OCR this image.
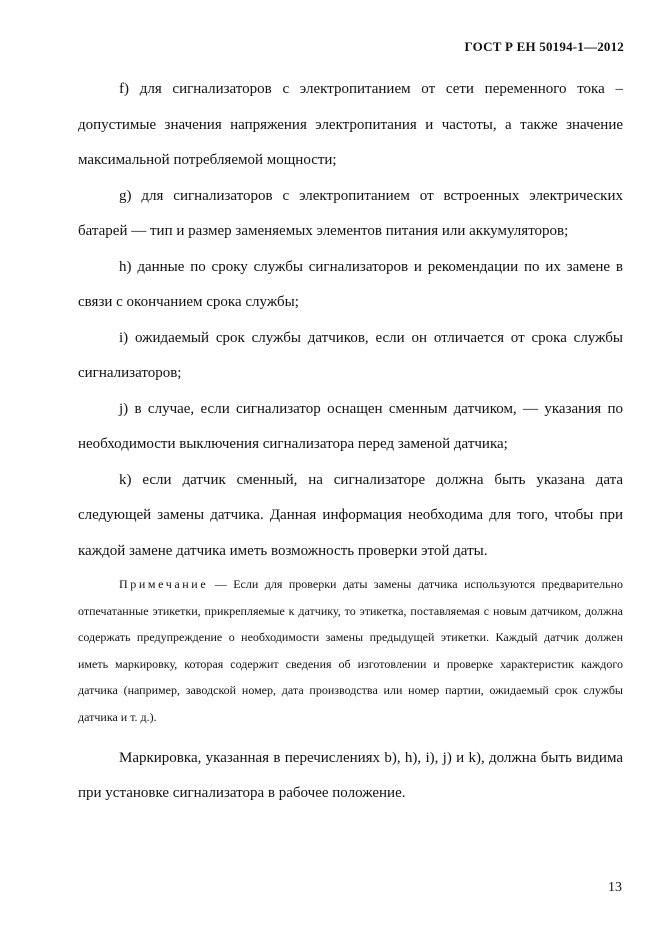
ГОСТ Р ЕН 50194-1—2012

f) для сигнализаторов с электропитанием от сети переменного тока – допустимые значения напряжения электропитания и частоты, а также значение максимальной потребляемой мощности;

g) для сигнализаторов с электропитанием от встроенных электрических батарей — тип и размер заменяемых элементов питания или аккумуляторов;

h) данные по сроку службы сигнализаторов и рекомендации по их замене в связи с окончанием срока службы;

i) ожидаемый срок службы датчиков, если он отличается от срока службы сигнализаторов;

j) в случае, если сигнализатор оснащен сменным датчиком, — указания по необходимости выключения сигнализатора перед заменой датчика;

k) если датчик сменный, на сигнализаторе должна быть указана дата следующей замены датчика. Данная информация необходима для того, чтобы при каждой замене датчика иметь возможность проверки этой даты.

Примечание — Если для проверки даты замены датчика используются предварительно отпечатанные этикетки, прикрепляемые к датчику, то этикетка, поставляемая с новым датчиком, должна содержать предупреждение о необходимости замены предыдущей этикетки. Каждый датчик должен иметь маркировку, которая содержит сведения об изготовлении и проверке характеристик каждого датчика (например, заводской номер, дата производства или номер партии, ожидаемый срок службы датчика и т. д.).

Маркировка, указанная в перечислениях b), h), i), j) и k), должна быть видима при установке сигнализатора в рабочее положение.

13
